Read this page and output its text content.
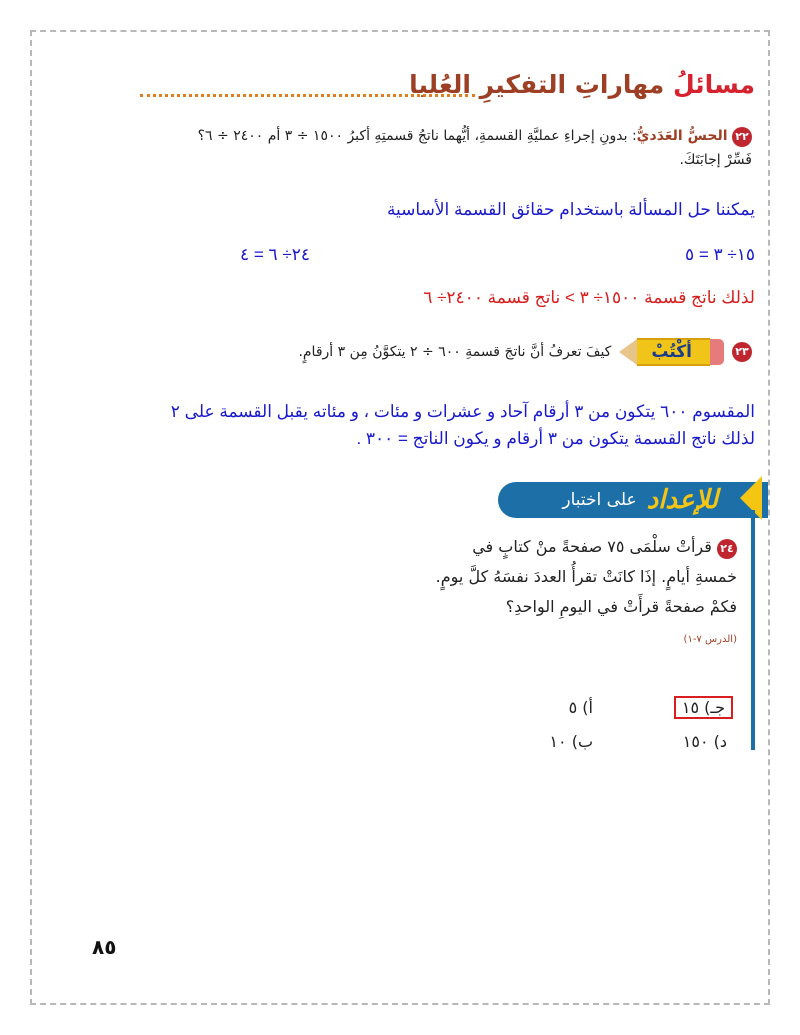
مسائلُ مهاراتِ التفكيرِ العُليا
٢٢ الحسُّ العَدَديُّ: بدونِ إجراءِ عمليَّةِ القسمةِ، أيُّهما ناتجُ قسمتِهِ أكبرُ ١٥٠٠ ÷ ٣ أم ٢٤٠٠ ÷ ٦؟
فَسِّرْ إجابَتَكَ.
يمكننا حل المسألة باستخدام حقائق القسمة الأساسية
١٥÷ ٣ = ٥
٢٤÷ ٦ = ٤
لذلك ناتج قسمة ١٥٠٠÷ ٣ > ناتج قسمة ٢٤٠٠÷ ٦
٢٣
أكْتُبْ
كيفَ تعرفُ أنَّ ناتجَ قسمةِ ٦٠٠ ÷ ٢ يتكوَّنُ مِن ٣ أرقامٍ.
المقسوم ٦٠٠ يتكون من ٣ أرقام آحاد و عشرات و مئات ، و مئاته يقبل القسمة على ٢
لذلك ناتج القسمة يتكون من ٣ أرقام و يكون الناتج = ٣٠٠ .
على اختبار للإعداد
٢٤ قرأتْ سلْمَى ٧٥ صفحةً منْ كتابٍ في خمسةِ أيامٍ. إذَا كانَتْ تقرأُ العددَ نفسَهُ كلَّ يومٍ. فكمْ صفحةً قرأَتْ في اليومِ الواحدِ؟
(الدرس ٧-١)
أ) ٥	جـ) ١٥
ب) ١٠	د) ١٥٠
٨٥
